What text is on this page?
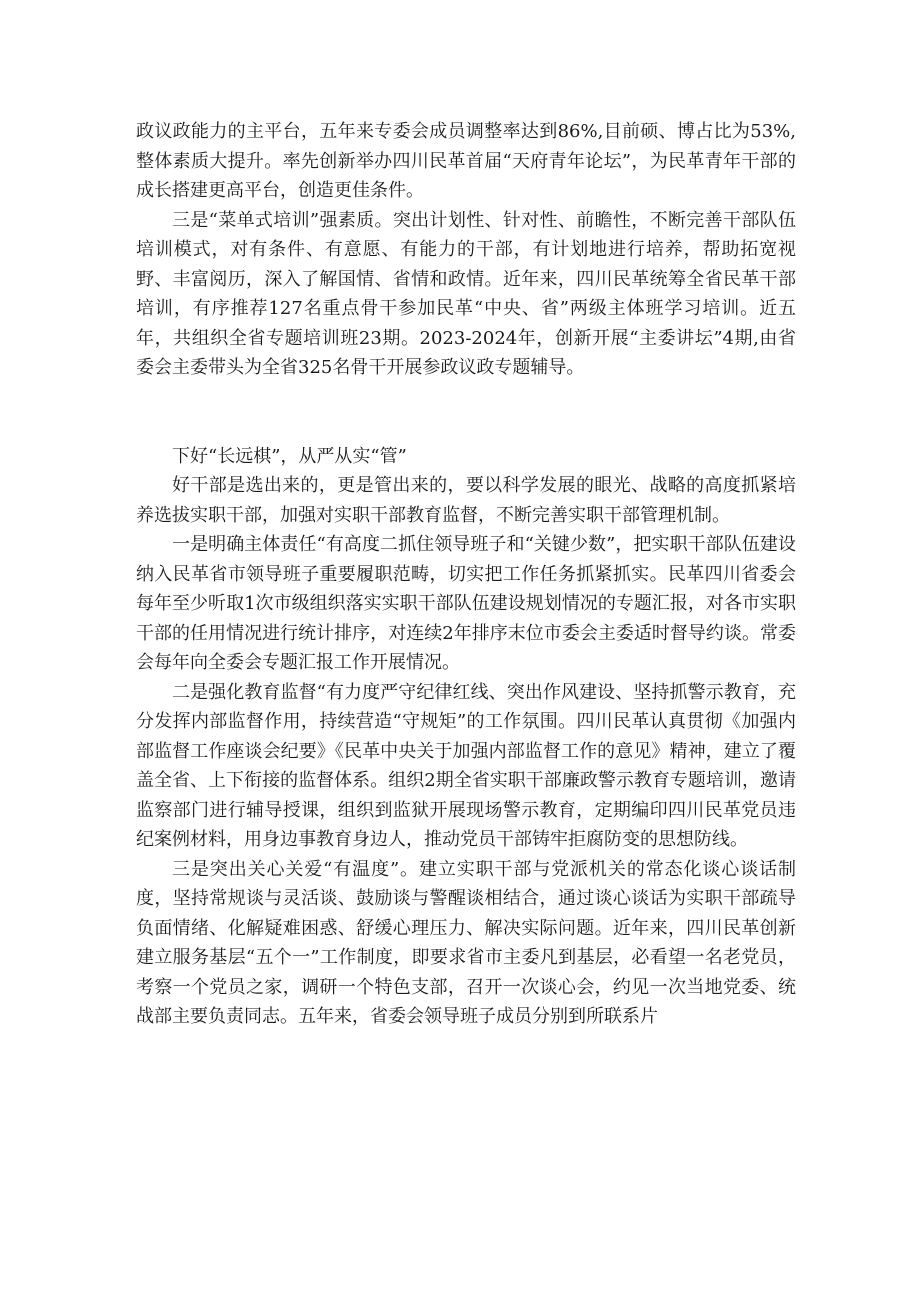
政议政能力的主平台，五年来专委会成员调整率达到86%,目前硕、博占比为53%,整体素质大提升。率先创新举办四川民革首届“天府青年论坛”，为民革青年干部的成长搭建更高平台，创造更佳条件。

三是“菜单式培训”强素质。突出计划性、针对性、前瞻性，不断完善干部队伍培训模式，对有条件、有意愿、有能力的干部，有计划地进行培养，帮助拓宽视野、丰富阅历，深入了解国情、省情和政情。近年来，四川民革统筹全省民革干部培训，有序推荐127名重点骨干参加民革“中央、省”两级主体班学习培训。近五年，共组织全省专题培训班23期。2023-2024年，创新开展“主委讲坛”4期,由省委会主委带头为全省325名骨干开展参政议政专题辅导。

下好“长远棋”，从严从实“管”

好干部是选出来的，更是管出来的，要以科学发展的眼光、战略的高度抓紧培养选拔实职干部，加强对实职干部教育监督，不断完善实职干部管理机制。

一是明确主体责任“有高度二抓住领导班子和“关键少数”，把实职干部队伍建设纳入民革省市领导班子重要履职范畴，切实把工作任务抓紧抓实。民革四川省委会每年至少听取1次市级组织落实实职干部队伍建设规划情况的专题汇报，对各市实职干部的任用情况进行统计排序，对连续2年排序末位市委会主委适时督导约谈。常委会每年向全委会专题汇报工作开展情况。

二是强化教育监督“有力度严守纪律红线、突出作风建设、坚持抓警示教育，充分发挥内部监督作用，持续营造“守规矩”的工作氛围。四川民革认真贯彻《加强内部监督工作座谈会纪要》《民革中央关于加强内部监督工作的意见》精神，建立了覆盖全省、上下衔接的监督体系。组织2期全省实职干部廉政警示教育专题培训，邀请监察部门进行辅导授课，组织到监狱开展现场警示教育，定期编印四川民革党员违纪案例材料，用身边事教育身边人，推动党员干部铸牢拒腐防变的思想防线。

三是突出关心关爱“有温度”。建立实职干部与党派机关的常态化谈心谈话制度，坚持常规谈与灵活谈、鼓励谈与警醒谈相结合，通过谈心谈话为实职干部疏导负面情绪、化解疑难困惑、舒缓心理压力、解决实际问题。近年来，四川民革创新建立服务基层“五个一”工作制度，即要求省市主委凡到基层，必看望一名老党员，考察一个党员之家，调研一个特色支部，召开一次谈心会，约见一次当地党委、统战部主要负责同志。五年来，省委会领导班子成员分别到所联系片
